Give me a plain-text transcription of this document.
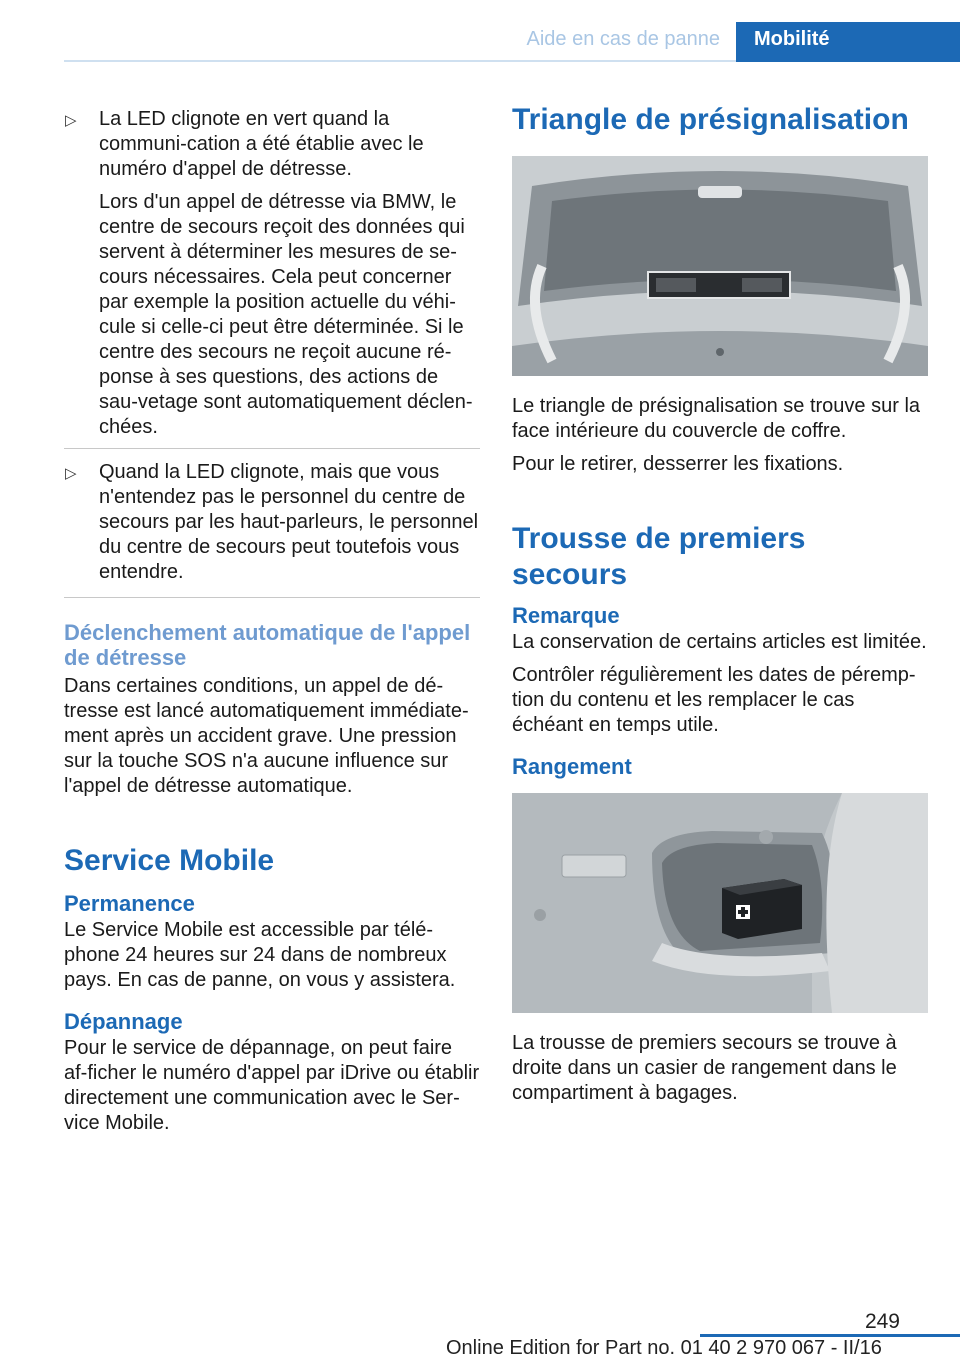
Aide en cas de panne	Mobilité

▷ La LED clignote en vert quand la communi-cation a été établie avec le numéro d'appel de détresse.

Lors d'un appel de détresse via BMW, le centre de secours reçoit des données qui servent à déterminer les mesures de se-cours nécessaires. Cela peut concerner par exemple la position actuelle du véhi-cule si celle-ci peut être déterminée. Si le centre des secours ne reçoit aucune ré-ponse à ses questions, des actions de sau-vetage sont automatiquement déclen-chées.

▷ Quand la LED clignote, mais que vous n'entendez pas le personnel du centre de secours par les haut-parleurs, le personnel du centre de secours peut toutefois vous entendre.

Déclenchement automatique de l'appel de détresse

Dans certaines conditions, un appel de dé-tresse est lancé automatiquement immédiate-ment après un accident grave. Une pression sur la touche SOS n'a aucune influence sur l'appel de détresse automatique.

Service Mobile
Permanence

Le Service Mobile est accessible par télé-phone 24 heures sur 24 dans de nombreux pays. En cas de panne, on vous y assistera.

Dépannage

Pour le service de dépannage, on peut faire af-ficher le numéro d'appel par iDrive ou établir directement une communication avec le Ser-vice Mobile.

Triangle de présignalisation

Le triangle de présignalisation se trouve sur la face intérieure du couvercle de coffre.

Pour le retirer, desserrer les fixations.

Trousse de premiers secours
Remarque

La conservation de certains articles est limitée.

Contrôler régulièrement les dates de péremp-tion du contenu et les remplacer le cas échéant en temps utile.

Rangement

La trousse de premiers secours se trouve à droite dans un casier de rangement dans le compartiment à bagages.

249
Online Edition for Part no. 01 40 2 970 067 - II/16
